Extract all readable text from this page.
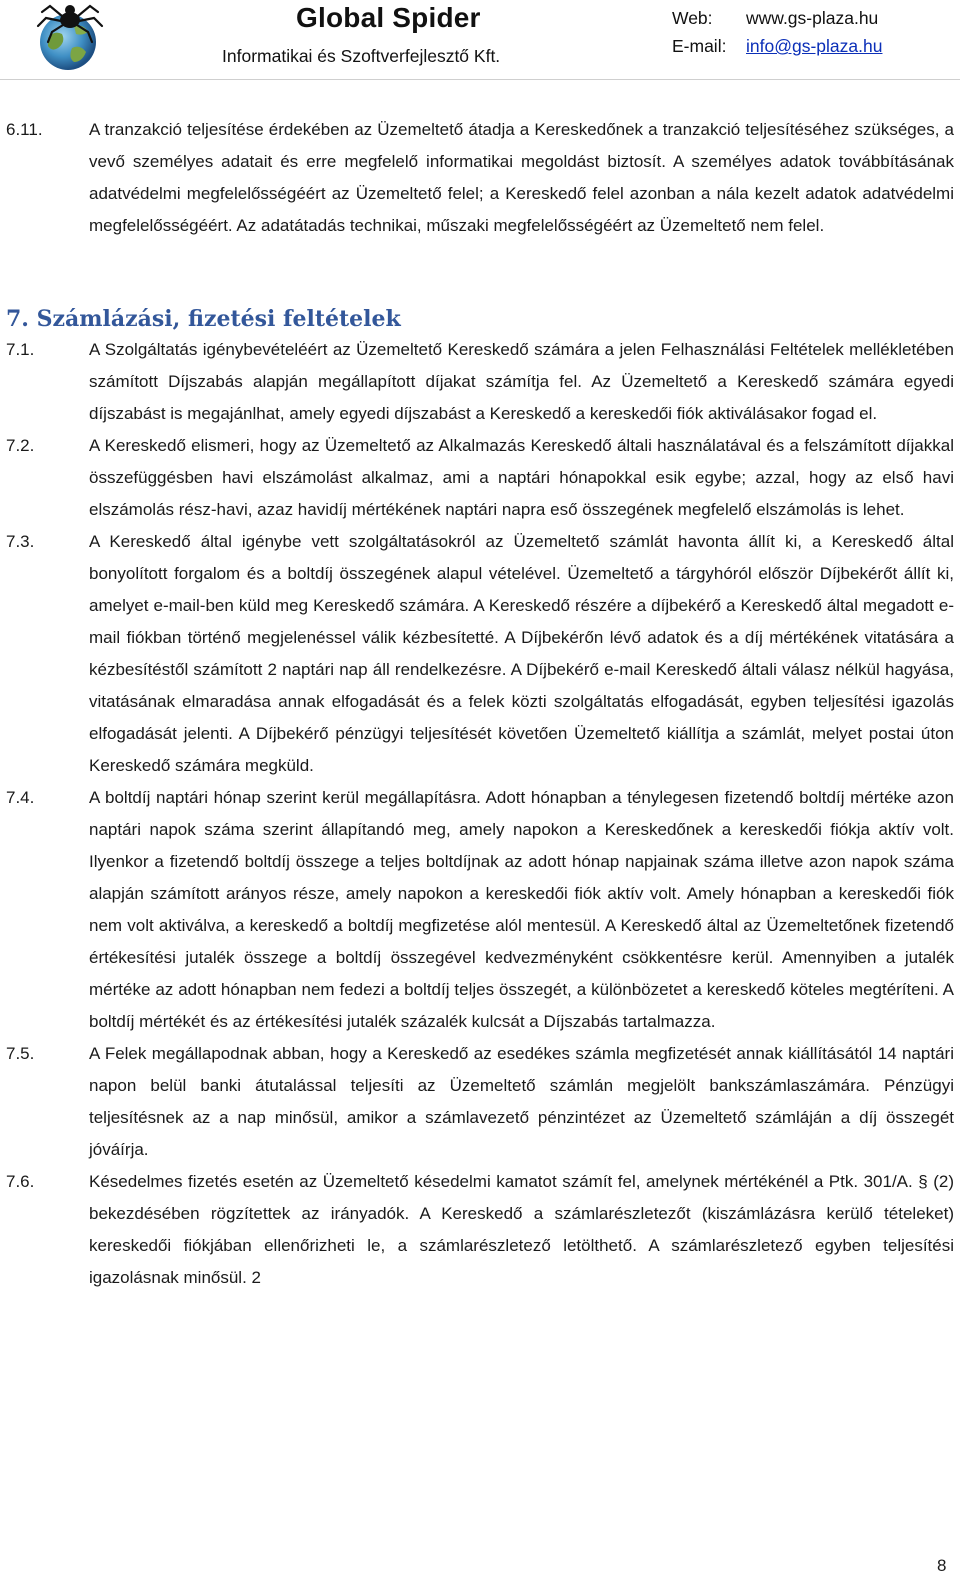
Global Spider
Informatikai és Szoftverfejlesztő Kft.
Web: www.gs-plaza.hu
E-mail: info@gs-plaza.hu
6.11.	A tranzakció teljesítése érdekében az Üzemeltető átadja a Kereskedőnek a tranzakció teljesítéséhez szükséges, a vevő személyes adatait és erre megfelelő informatikai megoldást biztosít. A személyes adatok továbbításának adatvédelmi megfelelősségéért az Üzemeltető felel; a Kereskedő felel azonban a nála kezelt adatok adatvédelmi megfelelősségéért. Az adatátadás technikai, műszaki megfelelősségéért az Üzemeltető nem felel.
7. Számlázási, fizetési feltételek
7.1.	A Szolgáltatás igénybevételéért az Üzemeltető Kereskedő számára a jelen Felhasználási Feltételek mellékletében számított Díjszabás alapján megállapított díjakat számítja fel. Az Üzemeltető a Kereskedő számára egyedi díjszabást is megajánlhat, amely egyedi díjszabást a Kereskedő a kereskedői fiók aktiválásakor fogad el.
7.2.	A Kereskedő elismeri, hogy az Üzemeltető az Alkalmazás Kereskedő általi használatával és a felszámított díjakkal összefüggésben havi elszámolást alkalmaz, ami a naptári hónapokkal esik egybe; azzal, hogy az első havi elszámolás rész-havi, azaz havidíj mértékének naptári napra eső összegének megfelelő elszámolás is lehet.
7.3.	A Kereskedő által igénybe vett szolgáltatásokról az Üzemeltető számlát havonta állít ki, a Kereskedő által bonyolított forgalom és a boltdíj összegének alapul vételével. Üzemeltető a tárgyhóról először Díjbekérőt állít ki, amelyet e-mail-ben küld meg Kereskedő számára. A Kereskedő részére a díjbekérő a Kereskedő által megadott e-mail fiókban történő megjelenéssel válik kézbesítetté. A Díjbekérőn lévő adatok és a díj mértékének vitatására a kézbesítéstől számított 2 naptári nap áll rendelkezésre. A Díjbekérő e-mail Kereskedő általi válasz nélkül hagyása, vitatásának elmaradása annak elfogadását és a felek közti szolgáltatás elfogadását, egyben teljesítési igazolás elfogadását jelenti. A Díjbekérő pénzügyi teljesítését követően Üzemeltető kiállítja a számlát, melyet postai úton Kereskedő számára megküld.
7.4.	A boltdíj naptári hónap szerint kerül megállapításra. Adott hónapban a ténylegesen fizetendő boltdíj mértéke azon naptári napok száma szerint állapítandó meg, amely napokon a Kereskedőnek a kereskedői fiókja aktív volt. Ilyenkor a fizetendő boltdíj összege a teljes boltdíjnak az adott hónap napjainak száma illetve azon napok száma alapján számított arányos része, amely napokon a kereskedői fiók aktív volt. Amely hónapban a kereskedői fiók nem volt aktiválva, a kereskedő a boltdíj megfizetése alól mentesül. A Kereskedő által az Üzemeltetőnek fizetendő értékesítési jutalék összege a boltdíj összegével kedvezményként csökkentésre kerül. Amennyiben a jutalék mértéke az adott hónapban nem fedezi a boltdíj teljes összegét, a különbözetet a kereskedő köteles megtéríteni. A boltdíj mértékét és az értékesítési jutalék százalék kulcsát a Díjszabás tartalmazza.
7.5.	A Felek megállapodnak abban, hogy a Kereskedő az esedékes számla megfizetését annak kiállításától 14 naptári napon belül banki átutalással teljesíti az Üzemeltető számlán megjelölt bankszámlaszámára. Pénzügyi teljesítésnek az a nap minősül, amikor a számlavezető pénzintézet az Üzemeltető számláján a díj összegét jóváírja.
7.6.	Késedelmes fizetés esetén az Üzemeltető késedelmi kamatot számít fel, amelynek mértékénél a Ptk. 301/A. § (2) bekezdésében rögzítettek az irányadók. A Kereskedő a számlarészletezőt (kiszámlázásra kerülő tételeket) kereskedői fiókjában ellenőrizheti le, a számlarészletező letölthető. A számlarészletező egyben teljesítési igazolásnak minősül. 2
8
